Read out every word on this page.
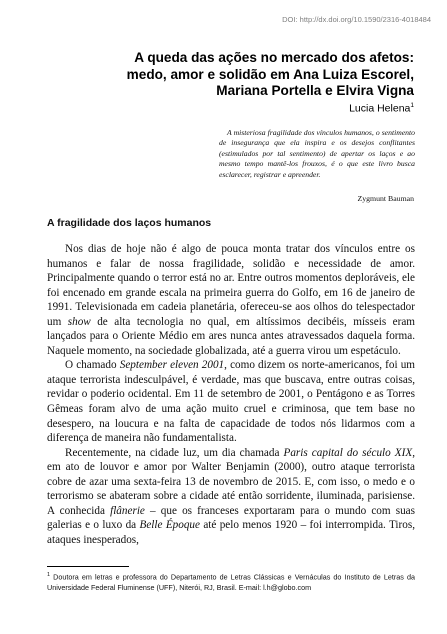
DOI: http://dx.doi.org/10.1590/2316-4018484
A queda das ações no mercado dos afetos:
medo, amor e solidão em Ana Luiza Escorel,
Mariana Portella e Elvira Vigna
Lucia Helena$^1$
A misteriosa fragilidade dos vínculos humanos, o sentimento de insegurança que ela inspira e os desejos conflitantes (estimulados por tal sentimento) de apertar os laços e ao mesmo tempo mantê-los frouxos, é o que este livro busca esclarecer, registrar e apreender.
Zygmunt Bauman
A fragilidade dos laços humanos

Nos dias de hoje não é algo de pouca monta tratar dos vínculos entre os humanos e falar de nossa fragilidade, solidão e necessidade de amor. Principalmente quando o terror está no ar. Entre outros momentos deploráveis, ele foi encenado em grande escala na primeira guerra do Golfo, em 16 de janeiro de 1991. Televisionada em cadeia planetária, ofereceu-se aos olhos do telespectador um show de alta tecnologia no qual, em altíssimos decibéis, mísseis eram lançados para o Oriente Médio em ares nunca antes atravessados daquela forma. Naquele momento, na sociedade globalizada, até a guerra virou um espetáculo.

O chamado September eleven 2001, como dizem os norte-americanos, foi um ataque terrorista indesculpável, é verdade, mas que buscava, entre outras coisas, revidar o poderio ocidental. Em 11 de setembro de 2001, o Pentágono e as Torres Gêmeas foram alvo de uma ação muito cruel e criminosa, que tem base no desespero, na loucura e na falta de capacidade de todos nós lidarmos com a diferença de maneira não fundamentalista.

Recentemente, na cidade luz, um dia chamada Paris capital do século XIX, em ato de louvor e amor por Walter Benjamin (2000), outro ataque terrorista cobre de azar uma sexta-feira 13 de novembro de 2015. E, com isso, o medo e o terrorismo se abateram sobre a cidade até então sorridente, iluminada, parisiense. A conhecida flânerie – que os franceses exportaram para o mundo com suas galerias e o luxo da Belle Époque até pelo menos 1920 – foi interrompida. Tiros, ataques inesperados,

$^1$ Doutora em letras e professora do Departamento de Letras Clássicas e Vernáculas do Instituto de Letras da Universidade Federal Fluminense (UFF), Niterói, RJ, Brasil. E-mail: l.h@globo.com
